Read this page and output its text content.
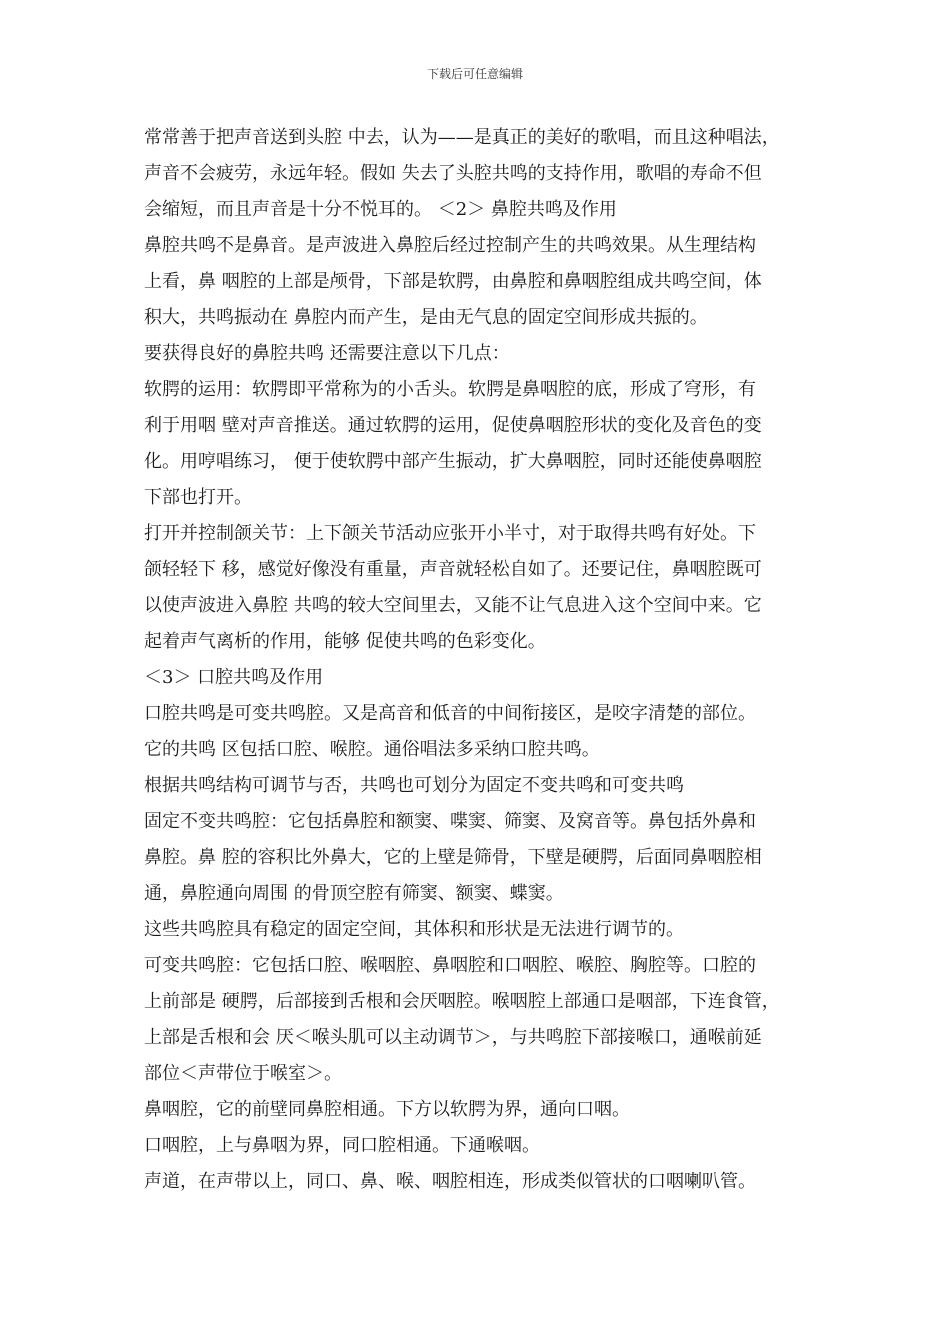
下载后可任意编辑
常常善于把声音送到头腔 中去，认为——是真正的美好的歌唱，而且这种唱法，
声音不会疲劳，永远年轻。假如 失去了头腔共鸣的支持作用，歌唱的寿命不但
会缩短，而且声音是十分不悦耳的。 ＜2＞ 鼻腔共鸣及作用
鼻腔共鸣不是鼻音。是声波进入鼻腔后经过控制产生的共鸣效果。从生理结构
上看，鼻 咽腔的上部是颅骨，下部是软腭，由鼻腔和鼻咽腔组成共鸣空间，体
积大，共鸣振动在 鼻腔内而产生，是由无气息的固定空间形成共振的。
要获得良好的鼻腔共鸣 还需要注意以下几点：
软腭的运用：软腭即平常称为的小舌头。软腭是鼻咽腔的底，形成了穹形，有
利于用咽 壁对声音推送。通过软腭的运用，促使鼻咽腔形状的变化及音色的变
化。用哼唱练习， 便于使软腭中部产生振动，扩大鼻咽腔，同时还能使鼻咽腔
下部也打开。
打开并控制颌关节：上下颌关节活动应张开小半寸，对于取得共鸣有好处。下
颌轻轻下 移，感觉好像没有重量，声音就轻松自如了。还要记住，鼻咽腔既可
以使声波进入鼻腔 共鸣的较大空间里去，又能不让气息进入这个空间中来。它
起着声气离析的作用，能够 促使共鸣的色彩变化。
＜3＞ 口腔共鸣及作用
口腔共鸣是可变共鸣腔。又是高音和低音的中间衔接区，是咬字清楚的部位。
它的共鸣 区包括口腔、喉腔。通俗唱法多采纳口腔共鸣。
根据共鸣结构可调节与否，共鸣也可划分为固定不变共鸣和可变共鸣
固定不变共鸣腔：它包括鼻腔和额窦、喋窦、筛窦、及窝音等。鼻包括外鼻和
鼻腔。鼻 腔的容积比外鼻大，它的上壁是筛骨，下壁是硬腭，后面同鼻咽腔相
通，鼻腔通向周围 的骨顶空腔有筛窦、额窦、蝶窦。
这些共鸣腔具有稳定的固定空间，其体积和形状是无法进行调节的。
可变共鸣腔：它包括口腔、喉咽腔、鼻咽腔和口咽腔、喉腔、胸腔等。口腔的
上前部是 硬腭，后部接到舌根和会厌咽腔。喉咽腔上部通口是咽部，下连食管，
上部是舌根和会 厌＜喉头肌可以主动调节＞，与共鸣腔下部接喉口，通喉前延
部位＜声带位于喉室＞。
鼻咽腔，它的前壁同鼻腔相通。下方以软腭为界，通向口咽。
口咽腔，上与鼻咽为界，同口腔相通。下通喉咽。
声道，在声带以上，同口、鼻、喉、咽腔相连，形成类似管状的口咽喇叭管。
